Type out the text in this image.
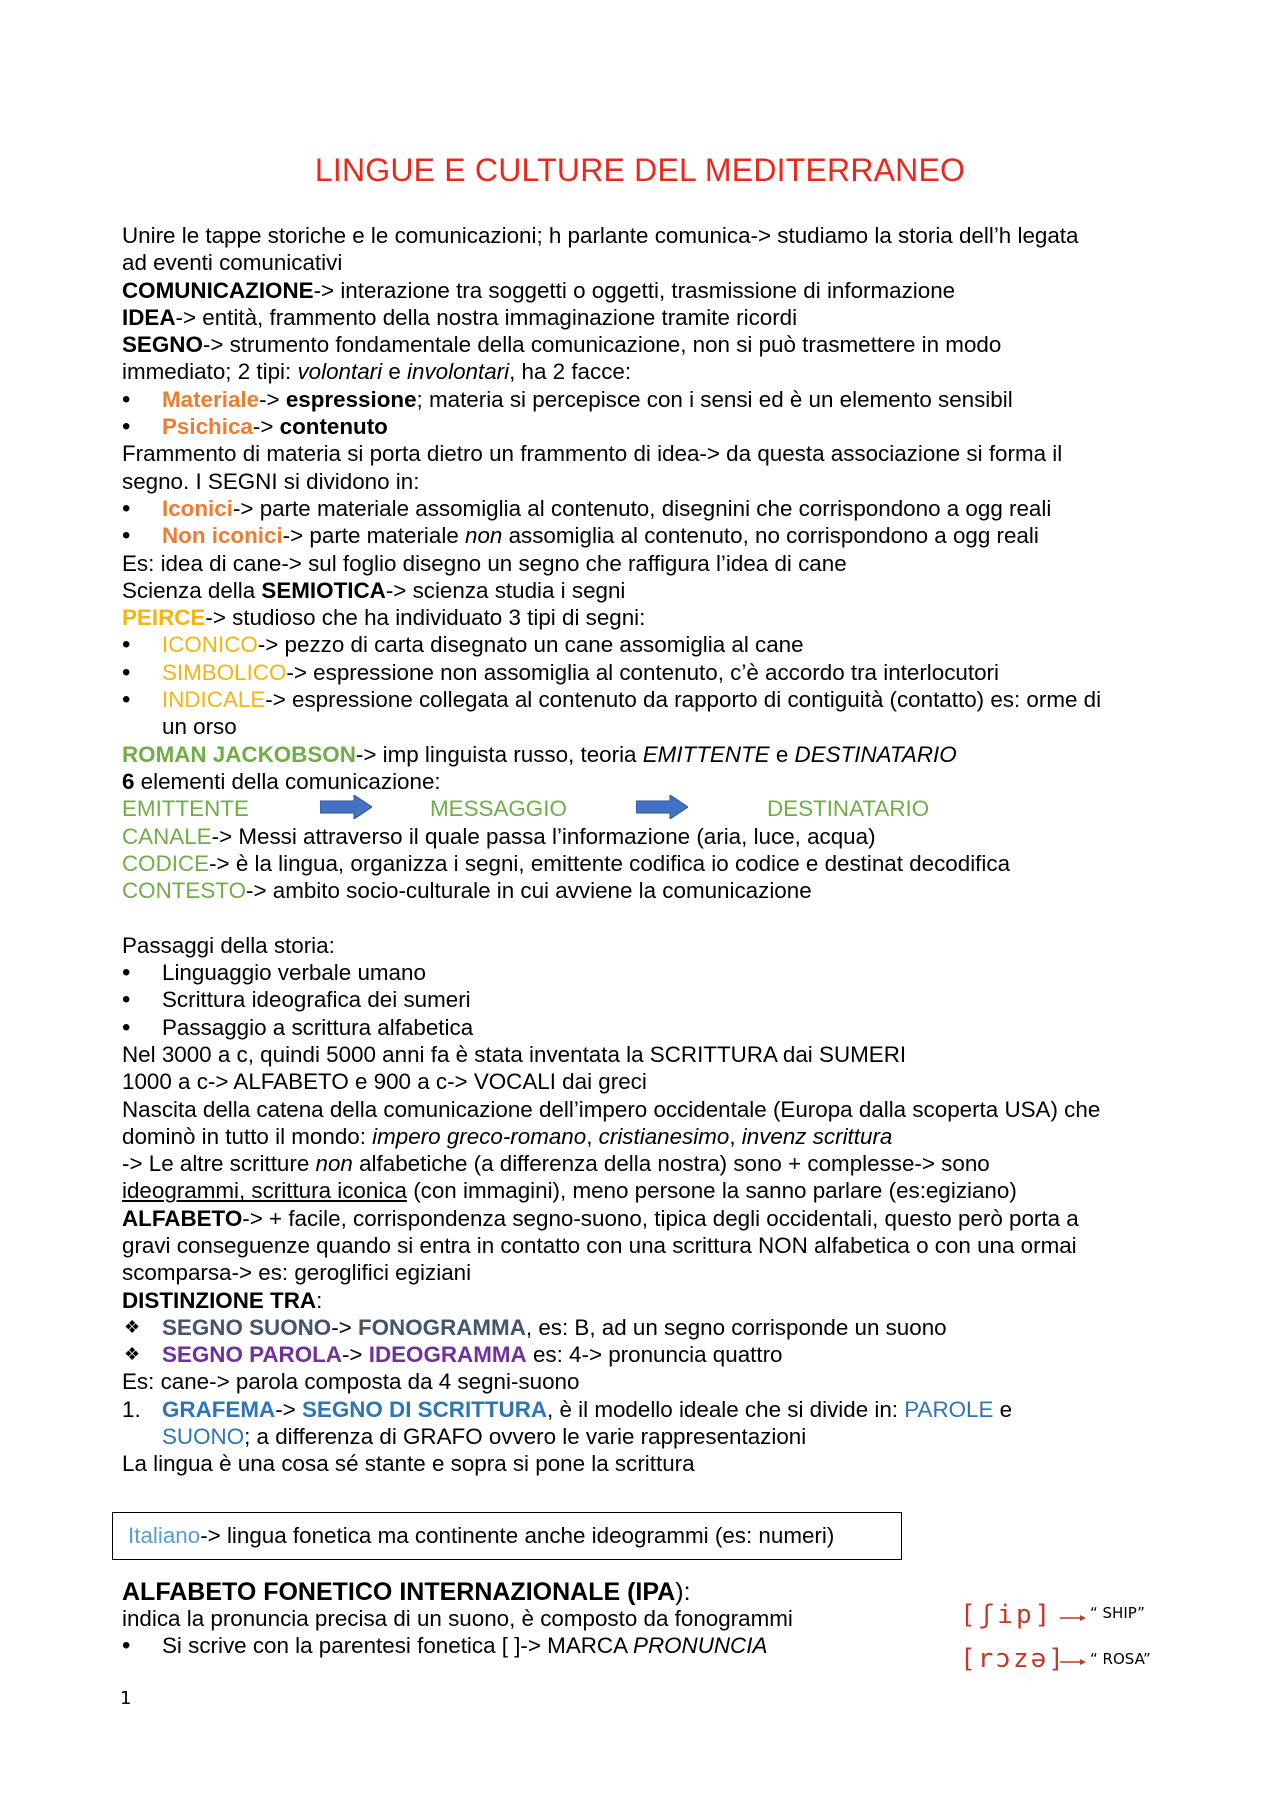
LINGUE E CULTURE DEL MEDITERRANEO
Unire le tappe storiche e le comunicazioni; h parlante comunica-> studiamo la storia dell’h legata
ad eventi comunicativi
COMUNICAZIONE-> interazione tra soggetti o oggetti, trasmissione di informazione
IDEA-> entità, frammento della nostra immaginazione tramite ricordi
SEGNO-> strumento fondamentale della comunicazione, non si può trasmettere in modo
immediato; 2 tipi: volontari e involontari, ha 2 facce:
• Materiale-> espressione; materia si percepisce con i sensi ed è un elemento sensibil
• Psichica-> contenuto
Frammento di materia si porta dietro un frammento di idea-> da questa associazione si forma il
segno. I SEGNI si dividono in:
• Iconici-> parte materiale assomiglia al contenuto, disegnini che corrispondono a ogg reali
• Non iconici-> parte materiale non assomiglia al contenuto, no corrispondono a ogg reali
Es: idea di cane-> sul foglio disegno un segno che raffigura l’idea di cane
Scienza della SEMIOTICA-> scienza studia i segni
PEIRCE-> studioso che ha individuato 3 tipi di segni:
• ICONICO-> pezzo di carta disegnato un cane assomiglia al cane
• SIMBOLICO-> espressione non assomiglia al contenuto, c’è accordo tra interlocutori
• INDICALE-> espressione collegata al contenuto da rapporto di contiguità (contatto) es: orme di
un orso
ROMAN JACKOBSON-> imp linguista russo, teoria EMITTENTE e DESTINATARIO
6 elementi della comunicazione:
EMITTENTE	MESSAGGIO	DESTINATARIO
CANALE-> Messi attraverso il quale passa l’informazione (aria, luce, acqua)
CODICE-> è la lingua, organizza i segni, emittente codifica io codice e destinat decodifica
CONTESTO-> ambito socio-culturale in cui avviene la comunicazione
Passaggi della storia:
• Linguaggio verbale umano
• Scrittura ideografica dei sumeri
• Passaggio a scrittura alfabetica
Nel 3000 a c, quindi 5000 anni fa è stata inventata la SCRITTURA dai SUMERI
1000 a c-> ALFABETO e 900 a c-> VOCALI dai greci
Nascita della catena della comunicazione dell’impero occidentale (Europa dalla scoperta USA) che
dominò in tutto il mondo: impero greco-romano, cristianesimo, invenz scrittura
-> Le altre scritture non alfabetiche (a differenza della nostra) sono + complesse-> sono
ideogrammi, scrittura iconica (con immagini), meno persone la sanno parlare (es:egiziano)
ALFABETO-> + facile, corrispondenza segno-suono, tipica degli occidentali, questo però porta a
gravi conseguenze quando si entra in contatto con una scrittura NON alfabetica o con una ormai
scomparsa-> es: geroglifici egiziani
DISTINZIONE TRA:
❖ SEGNO SUONO-> FONOGRAMMA, es: B, ad un segno corrisponde un suono
❖ SEGNO PAROLA-> IDEOGRAMMA es: 4-> pronuncia quattro
Es: cane-> parola composta da 4 segni-suono
1. GRAFEMA-> SEGNO DI SCRITTURA, è il modello ideale che si divide in: PAROLE e
SUONO; a differenza di GRAFO ovvero le varie rappresentazioni
La lingua è una cosa sé stante e sopra si pone la scrittura
Italiano-> lingua fonetica ma continente anche ideogrammi (es: numeri)
ALFABETO FONETICO INTERNAZIONALE (IPA):
indica la pronuncia precisa di un suono, è composto da fonogrammi
• Si scrive con la parentesi fonetica [ ]-> MARCA PRONUNCIA
[ʃip] “ SHIP”
[rɔzə] “ ROSA”
1
